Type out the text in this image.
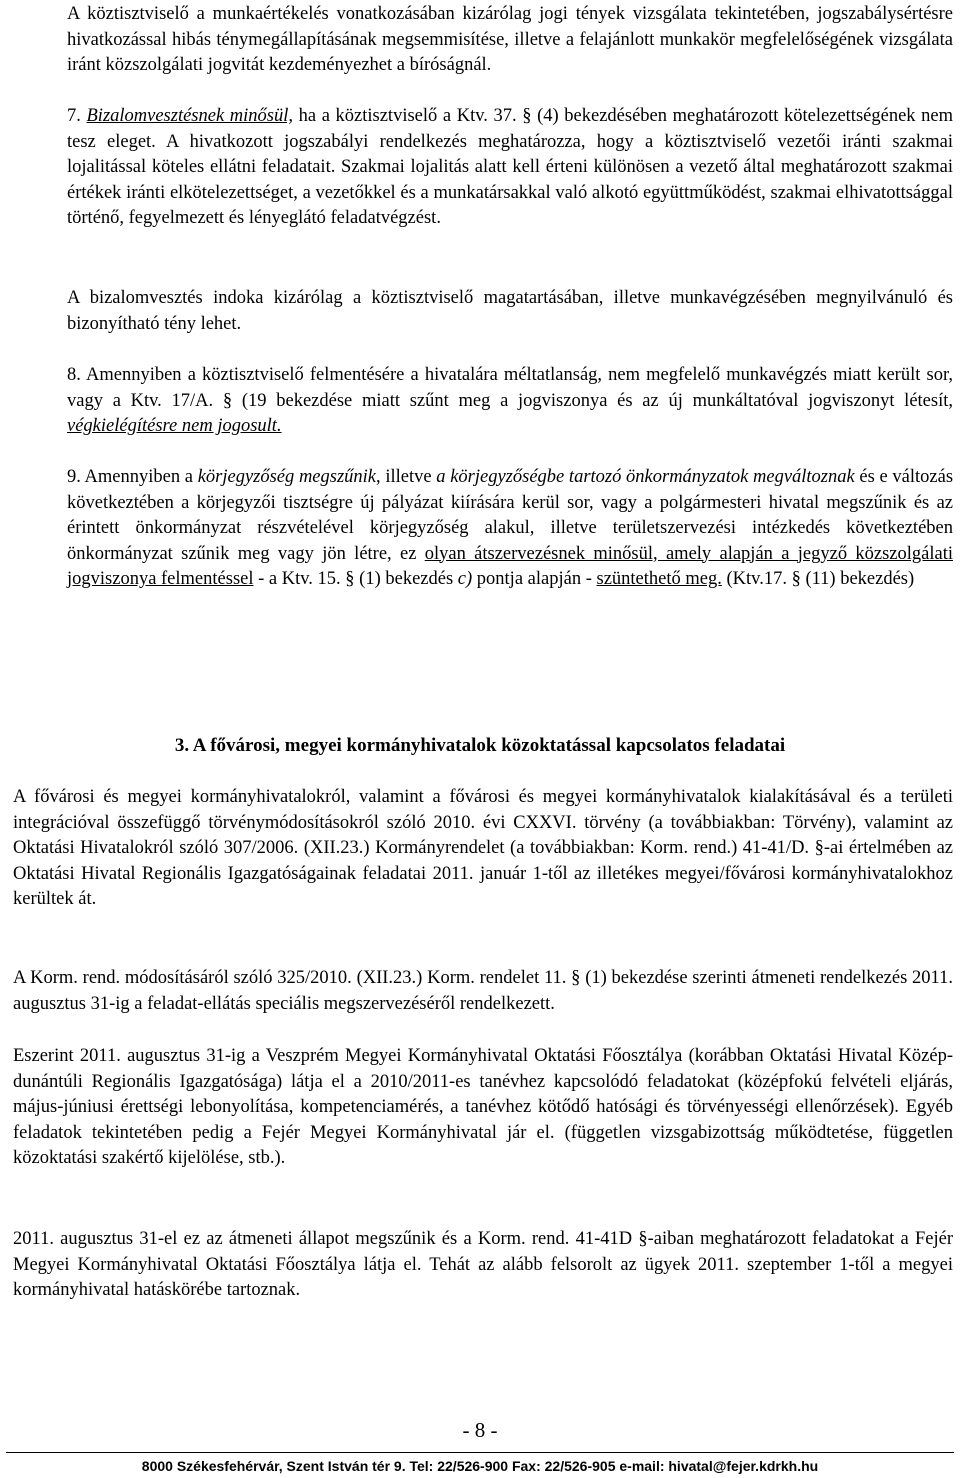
A köztisztviselő a munkaértékelés vonatkozásában kizárólag jogi tények vizsgálata tekintetében, jogszabálysértésre hivatkozással hibás ténymegállapításának megsemmisítése, illetve a felajánlott munkakör megfelelőségének vizsgálata iránt közszolgálati jogvitát kezdeményezhet a bíróságnál.
7. Bizalomvesztésnek minősül, ha a köztisztviselő a Ktv. 37. § (4) bekezdésében meghatározott kötelezettségének nem tesz eleget. A hivatkozott jogszabályi rendelkezés meghatározza, hogy a köztisztviselő vezetői iránti szakmai lojalitással köteles ellátni feladatait. Szakmai lojalitás alatt kell érteni különösen a vezető által meghatározott szakmai értékek iránti elkötelezettséget, a vezetőkkel és a munkatársakkal való alkotó együttműködést, szakmai elhivatottsággal történő, fegyelmezett és lényeglátó feladatvégzést.
A bizalomvesztés indoka kizárólag a köztisztviselő magatartásában, illetve munkavégzésében megnyilvánuló és bizonyítható tény lehet.
8. Amennyiben a köztisztviselő felmentésére a hivatalára méltatlanság, nem megfelelő munkavégzés miatt került sor, vagy a Ktv. 17/A. § (19 bekezdése miatt szűnt meg a jogviszonya és az új munkáltatóval jogviszonyt létesít, végkielégítésre nem jogosult.
9. Amennyiben a körjegyzőség megszűnik, illetve a körjegyzőségbe tartozó önkormányzatok megváltoznak és e változás következtében a körjegyzői tisztségre új pályázat kiírására kerül sor, vagy a polgármesteri hivatal megszűnik és az érintett önkormányzat részvételével körjegyzőség alakul, illetve területszervezési intézkedés következtében önkormányzat szűnik meg vagy jön létre, ez olyan átszervezésnek minősül, amely alapján a jegyző közszolgálati jogviszonya felmentéssel - a Ktv. 15. § (1) bekezdés c) pontja alapján - szüntethető meg. (Ktv.17. § (11) bekezdés)
3. A fővárosi, megyei kormányhivatalok közoktatással kapcsolatos feladatai
A fővárosi és megyei kormányhivatalokról, valamint a fővárosi és megyei kormányhivatalok kialakításával és a területi integrációval összefüggő törvénymódosításokról szóló 2010. évi CXXVI. törvény (a továbbiakban: Törvény), valamint az Oktatási Hivatalokról szóló 307/2006. (XII.23.) Kormányrendelet (a továbbiakban: Korm. rend.) 41-41/D. §-ai értelmében az Oktatási Hivatal Regionális Igazgatóságainak feladatai 2011. január 1-től az illetékes megyei/fővárosi kormányhivatalokhoz kerültek át.
A Korm. rend. módosításáról szóló 325/2010. (XII.23.) Korm. rendelet 11. § (1) bekezdése szerinti átmeneti rendelkezés 2011. augusztus 31-ig a feladat-ellátás speciális megszervezéséről rendelkezett.
Eszerint 2011. augusztus 31-ig a Veszprém Megyei Kormányhivatal Oktatási Főosztálya (korábban Oktatási Hivatal Közép-dunántúli Regionális Igazgatósága) látja el a 2010/2011-es tanévhez kapcsolódó feladatokat (középfokú felvételi eljárás, május-júniusi érettségi lebonyolítása, kompetenciamérés, a tanévhez kötődő hatósági és törvényességi ellenőrzések). Egyéb feladatok tekintetében pedig a Fejér Megyei Kormányhivatal jár el. (független vizsgabizottság működtetése, független közoktatási szakértő kijelölése, stb.).
2011. augusztus 31-el ez az átmeneti állapot megszűnik és a Korm. rend. 41-41D §-aiban meghatározott feladatokat a Fejér Megyei Kormányhivatal Oktatási Főosztálya látja el. Tehát az alább felsorolt az ügyek 2011. szeptember 1-től a megyei kormányhivatal hatáskörébe tartoznak.
- 8 -
8000 Székesfehérvár, Szent István tér 9. Tel: 22/526-900 Fax: 22/526-905 e-mail: hivatal@fejer.kdrkh.hu
